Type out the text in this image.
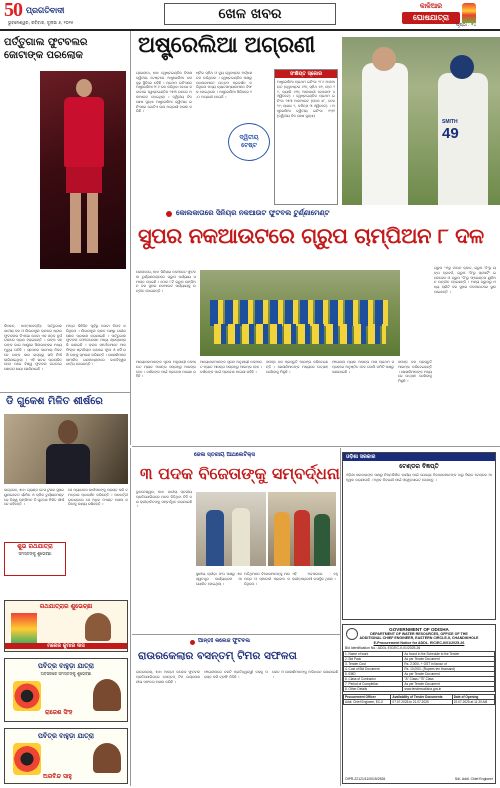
50 ପ୍ରଗତିବାଦୀ
ଭୁବନେଶ୍ୱର, ରବିବାର, ଜୁଲାଇ ୬, ୨୦୨୫
ଖେଳ ଖବର	କାଳିଆର
ଘୋଷଯାତ୍ରା
ପୃଷ୍ଠା : ୧୪
ପର୍ତ୍ତୁଗାଲ ଫୁଟବଲର
ଜୋଟାଙ୍କ ପରଲୋକ
ଲିସବନ, ୫ା୭(ଏଜେନ୍ସି): ପର୍ତ୍ତୁଗାଲ ଜାତୀୟ ଦଳ ଓ ଲିଭରପୁଲ କ୍ଲବର ଷ୍ଟାର ଫୁଟବଲର ଡିଏଗୋ ଜୋଟା ଏକ ସଡ଼କ ଦୁର୍ଘଟଣାରେ ପ୍ରାଣ ହରାଇଛନ୍ତି । ତାଙ୍କ ସହ ତାଙ୍କ ଭାଇ ଆଣ୍ଡ୍ରେ ସିଲଭାଙ୍କର ମଧ୍ୟ ମୃତ୍ୟୁ ଘଟିଛି । ସ୍ପେନର ଜାମୋରା ନିକଟରେ ତାଙ୍କ କାର ରାସ୍ତାରୁ ଖସି ନିଆଁ ଲାଗିଯାଇଥିଲା । ଏହି ଖବର ପ୍ରଚାରିତ ହେବା ପରେ ବିଶ୍ୱ ଫୁଟବଲ ଜଗତରେ ଶୋକର ଛାୟା ଖେଳିଯାଇଛି ।
ମାତ୍ର କିଛିଦିନ ପୂର୍ବରୁ ଜୋଟା ବିବାହ କରିଥିଲେ । ଲିଭରପୁଲ କ୍ଲବ ପକ୍ଷରୁ ଗଭୀର ଶୋକ ପ୍ରକାଶ କରାଯାଇଛି । ପର୍ତ୍ତୁଗାଲ ଫୁଟବଲ ଫେଡେରେସନ ମଧ୍ୟ ଶ୍ରଦ୍ଧାଞ୍ଜଳି ଜଣାଇଛି । କ୍ଲବ ସମର୍ଥକମାନେ ଆନଫିଲ୍ଡ ଷ୍ଟାଡିୟମ ବାହାରେ ଫୁଲ ଓ ଜର୍ସି ରଖି ତାଙ୍କୁ ସ୍ମରଣ କରିଛନ୍ତି । ଖେଳାଳିମାନେ ସାମାଜିକ ଗଣମାଧ୍ୟମରେ ଭାବବିହ୍ୱଳ ବାର୍ତ୍ତା ଦେଇଛନ୍ତି ।
ଅଷ୍ଟ୍ରେଲିଆ ଅଗ୍ରଣୀ
ଗ୍ରେନାଡା, ୫ା୭: ୱେଷ୍ଟଇଣ୍ଡିଜ ବିପକ୍ଷ ଦ୍ୱିତୀୟ ଟେଷ୍ଟରେ ଅଷ୍ଟ୍ରେଲିଆ ଦଳ ଦୃଢ଼ ସ୍ଥିତିରେ ରହିଛି । ପ୍ରଥମ ଇନିଂସରେ ଅଷ୍ଟ୍ରେଲିଆ ୨୮୬ ରନ କରିଥିବା ବେଳେ ଜବାବରେ ୱେଷ୍ଟଇଣ୍ଡିଜ ୨୫୩ ରନରେ ଅଲଆଉଟ ହୋଇଥିଲା । ଦ୍ୱିତୀୟ ଦିନ ଶେଷ ସୁଦ୍ଧା ଅଷ୍ଟ୍ରେଲିଆ ଦ୍ୱିତୀୟ ଇନିଂସରେ ଗୋଟିଏ ଭଲ ଅଗ୍ରଣୀ ହାସଲ କରିଛି ।
ଷ୍ଟିଭ ସ୍ମିଥ ଓ ବ୍ୟୁ ୱେବଷ୍ଟର ଅର୍ଦ୍ଧଶତକ କରିଥିଲେ । ୱେଷ୍ଟଇଣ୍ଡିଜ ପକ୍ଷରୁ ବୋଲରମାନେ ଉତ୍ତମ ପ୍ରଦର୍ଶନ କରିଥିଲେ ମଧ୍ୟ ବ୍ୟାଟସମ୍ୟାନମାନେ ବିଫଳ ହୋଇଥିଲେ । ଅଷ୍ଟ୍ରେଲିଆ ସିରିଜରେ ୧-୦ ଅଗ୍ରଣୀ ନେଇଛି ।
ଦ୍ୱିତୀୟ
ଟେଷ୍ଟ
ସଂକ୍ଷିପ୍ତ ସ୍କୋର
ଅଷ୍ଟ୍ରେଲିଆ ପ୍ରଥମ ଇନିଂସ: ୨୮୬ ଅଲଆଉଟ (ୱେବଷ୍ଟର ୬୩, ସ୍ମିଥ ୭୧, ହେଡ ୨୯, କ୍ୟାରି ୬୩; ଆଲଜାରୀ ଜୋସେଫ ୪ ଓ୍ୱିକେଟ) । ୱେଷ୍ଟଇଣ୍ଡିଜ ପ୍ରଥମ ଇନିଂସ: ୨୫୩ ଅଲଆଉଟ (ହୋପ ୪୮, ଚେଜ ୨୯; ଲାୟନ ୨, କମିନ୍ସ ୩ ଓ୍ୱିକେଟ) । ଅଷ୍ଟ୍ରେଲିଆ ଦ୍ୱିତୀୟ ଇନିଂସ: ୧୨/୧ (ଦ୍ୱିତୀୟ ଦିନ ଶେଷ ସୁଦ୍ଧା)
SMITH
49
କୋଲକାତାରେ ସିନିୟର ନକଆଉଟ ଫୁଟବଲ ଟୁର୍ଣ୍ଣାମେଣ୍ଟ
ସୁପର ନକଆଉଟରେ ଗ୍ରୁପ ଚାମ୍ପିଅନ ୮ ଦଳ
କୋଲକାତା, ୫ା୭: ସିନିୟର ନକଆଉଟ ଫୁଟବଲ ଟୁର୍ଣ୍ଣାମେଣ୍ଟରେ ଗ୍ରୁପ ପର୍ଯ୍ୟାୟ ସମାପ୍ତ ହୋଇଛି । ମୋଟ ୮ଟି ଗ୍ରୁପ ଚାମ୍ପିଅନ ଦଳ ସୁପର ନକଆଉଟ ପର୍ଯ୍ୟାୟକୁ ଉନ୍ନୀତ ହୋଇଛନ୍ତି ।
ଆୟୋଜକମାନଙ୍କ ସୂଚନା ଅନୁଯାୟୀ ନକଆଉଟ ମ୍ୟାଚ ଆସନ୍ତା ସପ୍ତାହରୁ ଆରମ୍ଭ ହେବ । ଦର୍ଶକଙ୍କ ପାଇଁ ପ୍ରବେଶ ମାଗଣା ରହିଛି ।
ସମସ୍ତ ଦଳ ପ୍ରସ୍ତୁତି ଆରମ୍ଭ କରିଦେଇଛନ୍ତି । ଖେଳାଳିମାନଙ୍କ ମଧ୍ୟରେ ଉତ୍ସାହ ଦେଖିବାକୁ ମିଳୁଛି ।
ଫାଇନାଲ ମ୍ୟାଚ ଆସନ୍ତା ମାସ ପ୍ରଥମ ସପ୍ତାହରେ ଅନୁଷ୍ଠିତ ହେବ ବୋଲି କମିଟି ପକ୍ଷରୁ ଜଣାଯାଇଛି ।
ଗ୍ରୁପ 'ଏ'ରୁ ଟାଉନ କ୍ଲବ, ଗ୍ରୁପ 'ବି'ରୁ ୟଙ୍ଗ ବ୍ରଦର୍ସ, ଗ୍ରୁପ 'ସି'ରୁ ସ୍ପୋର୍ଟିଂ ଇଲେଭେନ ଓ ଗ୍ରୁପ 'ଡି'ରୁ ଫ୍ରେଣ୍ଡସ ୟୁନିଅନ ଉନ୍ନୀତ ହୋଇଛନ୍ତି । ଅନ୍ୟ ଗ୍ରୁପରୁ ମଧ୍ୟ ଚାରିଟି ଦଳ ସୁପର ନକଆଉଟରେ ସ୍ଥାନ ପାଇଛନ୍ତି ।
ଆୟୋଜକମାନଙ୍କ ସୂଚନା ଅନୁଯାୟୀ ନକଆଉଟ ମ୍ୟାଚ ଆସନ୍ତା ସପ୍ତାହରୁ ଆରମ୍ଭ ହେବ । ଦର୍ଶକଙ୍କ ପାଇଁ ପ୍ରବେଶ ମାଗଣା ରହିଛି ।
ସମସ୍ତ ଦଳ ପ୍ରସ୍ତୁତି ଆରମ୍ଭ କରିଦେଇଛନ୍ତି । ଖେଳାଳିମାନଙ୍କ ମଧ୍ୟରେ ଉତ୍ସାହ ଦେଖିବାକୁ ମିଳୁଛି ।
ଡି ଗୁକେଶ ମିଳିତ ଶୀର୍ଷରେ
ଜାଗ୍ରେବ, ୫ା୭: ଗ୍ରାଣ୍ଡ ଚେସ ଟୁରର ସୁପରୟୁନାଇଟେଡ ର୍ୟାପିଡ ଓ ବ୍ଲିଜ ଟୁର୍ଣ୍ଣାମେଣ୍ଟରେ ବିଶ୍ୱ ଚାମ୍ପିଅନ ଡି ଗୁକେଶ ମିଳିତ ଶୀର୍ଷରେ ରହିଛନ୍ତି ।
ସେ ମ୍ୟାଗନସ କାର୍ଲସନଙ୍କୁ ପରାସ୍ତ କରି ଚମତ୍କାର ପ୍ରଦର୍ଶନ କରିଛନ୍ତି । ପରବର୍ତ୍ତୀ ରାଉଣ୍ଡରେ ସେ ଅଧିକ ପଏଣ୍ଟ ହାସଲ କରିବାକୁ ଲକ୍ଷ୍ୟ ରଖିଛନ୍ତି ।
ଶୁଭ ରଥଯାତ୍ରା
ସମସ୍ତଙ୍କୁ ଶୁଭେଚ୍ଛା
ରଥଯାତ୍ରାର ଶୁଭେଚ୍ଛା
ମନୋଜ କୁମାର ଦାସ
ପବିତ୍ର ବାହୁଡ଼ା ଯାତ୍ରା
ଅବସରରେ ସମସ୍ତଙ୍କୁ ଶୁଭେଚ୍ଛା
ରାଜେଶ ସିଂହ
ପବିତ୍ର ବାହୁଡ଼ା ଯାତ୍ରା
ଅରବିନ୍ଦ ସାହୁ
ଜେଳା ସ୍ତରୀୟ ଆଥଲେଟିକ୍ସ
୩ ପଦକ ବିଜେତାଙ୍କୁ ସମ୍ବର୍ଦ୍ଧନା
ଭୁବନେଶ୍ୱର, ୫ା୭: ଜାତୀୟ ସ୍ତରୀୟ ପ୍ରତିଯୋଗିତାରେ ପଦକ ଜିତିଥିବା ତିନି ଜଣ କ୍ରୀଡ଼ାବିତଙ୍କୁ ସମ୍ବର୍ଦ୍ଧିତ କରାଯାଇଛି ।
ସ୍ଥାନୀୟ କ୍ରୀଡ଼ା ସଂଘ ପକ୍ଷରୁ ଏକ ସ୍ୱତନ୍ତ୍ର କାର୍ଯ୍ୟକ୍ରମ ଆୟୋଜିତ ହୋଇଥିଲା ।
ଅତିଥିମାନେ ବିଜେତାମାନଙ୍କୁ ମାନପତ୍ର ଓ ସ୍ମାରକୀ ପ୍ରଦାନ କରିଥିଲେ ।
ଏହି ଅବସରରେ ବହୁ କ୍ରୀଡ଼ାପ୍ରେମୀ ଉପସ୍ଥିତ ଥିଲେ ।
ଆନ୍ତଃ କଲେଜ ଫୁଟବଲ
ରାଉରକେଲାର ବସନ୍ତମ୍ ଟିମର ସଫଳତା
ରାଉରକେଲା, ୫ା୭: ଆନ୍ତଃ କଲେଜ ଫୁଟବଲ ପ୍ରତିଯୋଗିତାରେ ବସନ୍ତମ୍ ଟିମ ଉଲ୍ଲେଖନୀୟ ସଫଳତା ହାସଲ କରିଛି ।
ଫାଇନାଲରେ ଦଳଟି ପ୍ରତିଦ୍ୱନ୍ଦ୍ୱୀ ଦଳକୁ ପରାସ୍ତ କରି ଟ୍ରଫି ଜିତିଛି ।
କୋଚ ଓ ଖେଳାଳିମାନଙ୍କୁ ଅଭିନନ୍ଦନ ଜଣାଯାଇଛି ।
ଓଡ଼ିଶା ସରକାର
ଟେଣ୍ଡର ବିଜ୍ଞପ୍ତି
ଓଡ଼ିଶା ସରକାରଙ୍କ ପକ୍ଷରୁ ନିମ୍ନଲିଖିତ କାର୍ଯ୍ୟ ପାଇଁ ଯୋଗ୍ୟ ଠିକାଦାରମାନଙ୍କ ଠାରୁ ସିଲ୍ଡ ଟେଣ୍ଡର ଆହ୍ୱାନ କରାଯାଉଛି । ଅଧିକ ବିବରଣୀ ପାଇଁ ଓ୍ୱେବସାଇଟ ଦେଖନ୍ତୁ ।
GOVERNMENT OF ODISHA
DEPARTMENT OF WATER RESOURCES, OFFICE OF THE
ADDITIONAL CHIEF ENGINEER, EASTERN CIRCLE-II, CHANDIKHOLE
E-Procurement Notice for ADDL. EIC/EC-II/01/2025-26
Bid Identification No.: ADDL EIC/EC-II-01/2025-26
1. Name of work	As found in the Schedule to the Tender
2. Bid Pack	As per Tender Document
3. Tender Cost	Rs. 2,000/- + GST in favour of
4. Cost of Bid Document	Rs. 10,000/- (Rupees ten thousand)
5. EMD	As per Tender Document
6. Class of Contractor	"A" Class / "B" Class
7. Period of Completion	As per Tender Document
8. Other Details	www.tendersodisha.gov.in
Procurement Officer	Availability of Tender Documents	Date of Opening
Addl. Chief Engineer, EC-II	07.07.2025 to 21.07.2025	22.07.2025 at 11.30 AM
OIPR-22121/11/0015/2526	Sd/- Addl. Chief Engineer
